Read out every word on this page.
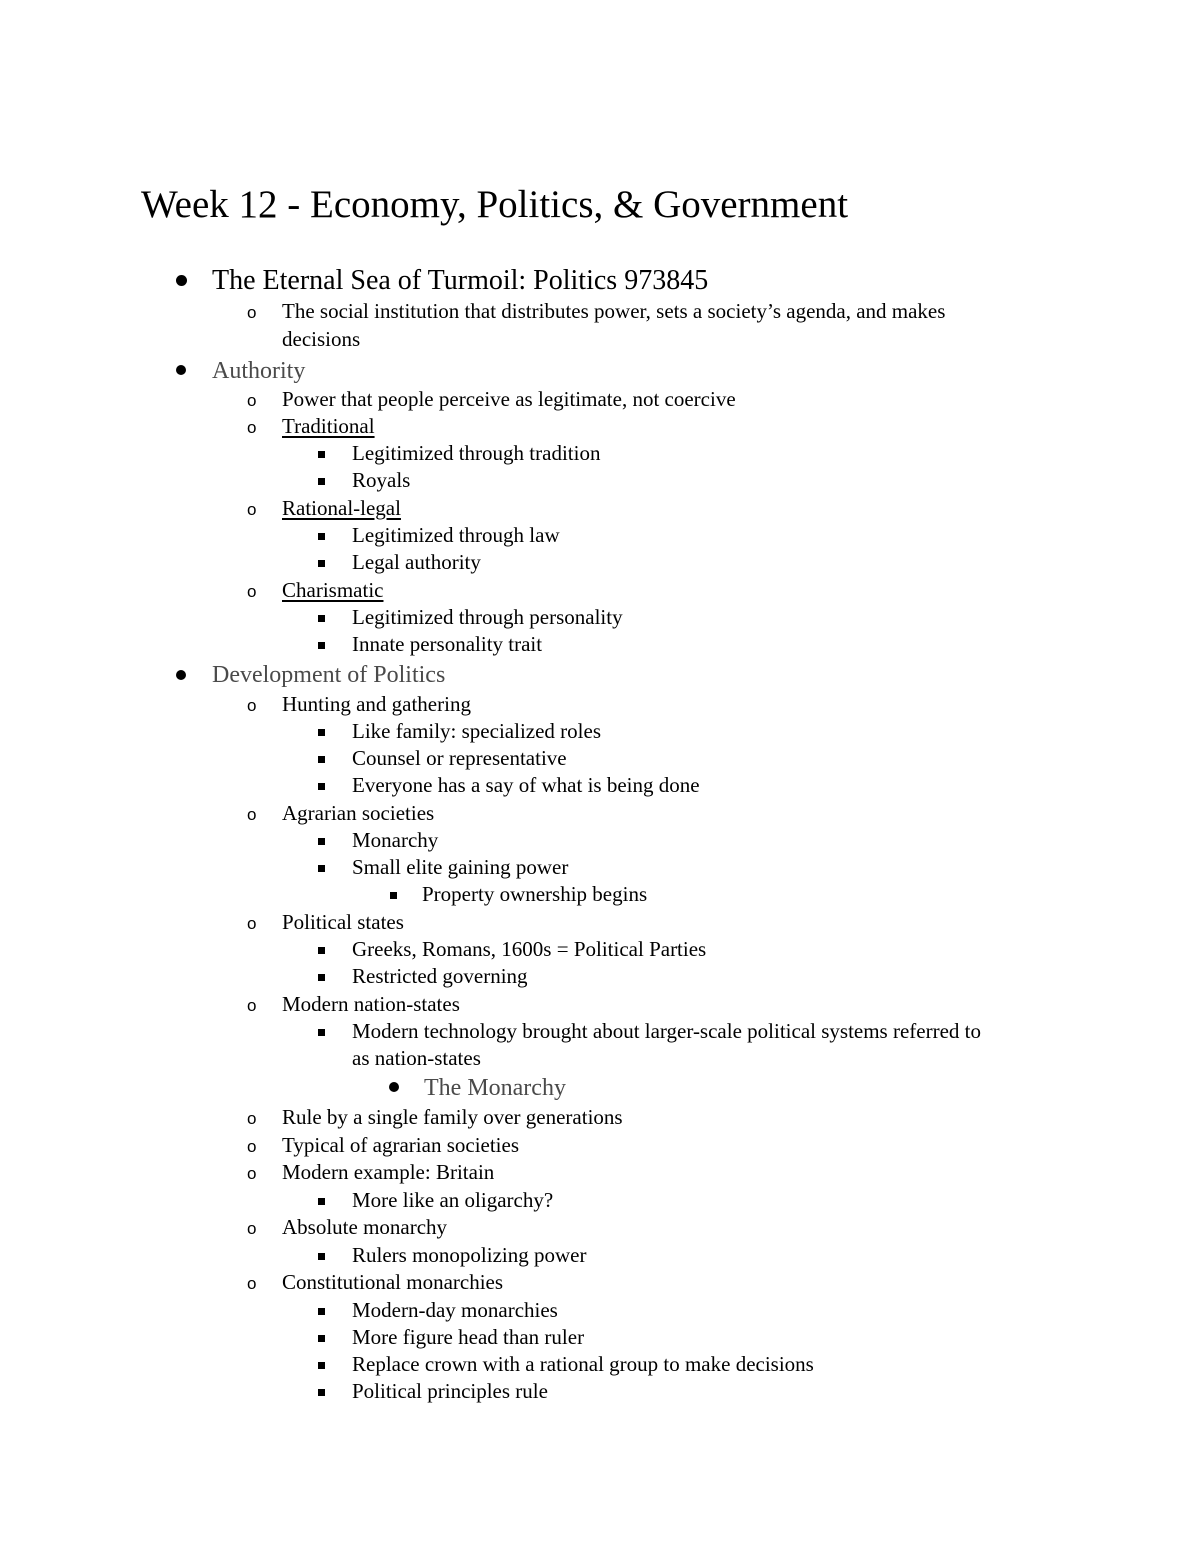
Week 12 - Economy, Politics, & Government
The Eternal Sea of Turmoil: Politics 973845
o The social institution that distributes power, sets a society’s agenda, and makes
decisions
Authority
o Power that people perceive as legitimate, not coercive
o Traditional
Legitimized through tradition
Royals
o Rational-legal
Legitimized through law
Legal authority
o Charismatic
Legitimized through personality
Innate personality trait
Development of Politics
o Hunting and gathering
Like family: specialized roles
Counsel or representative
Everyone has a say of what is being done
o Agrarian societies
Monarchy
Small elite gaining power
Property ownership begins
o Political states
Greeks, Romans, 1600s = Political Parties
Restricted governing
o Modern nation-states
Modern technology brought about larger-scale political systems referred to
as nation-states
The Monarchy
o Rule by a single family over generations
o Typical of agrarian societies
o Modern example: Britain
More like an oligarchy?
o Absolute monarchy
Rulers monopolizing power
o Constitutional monarchies
Modern-day monarchies
More figure head than ruler
Replace crown with a rational group to make decisions
Political principles rule
